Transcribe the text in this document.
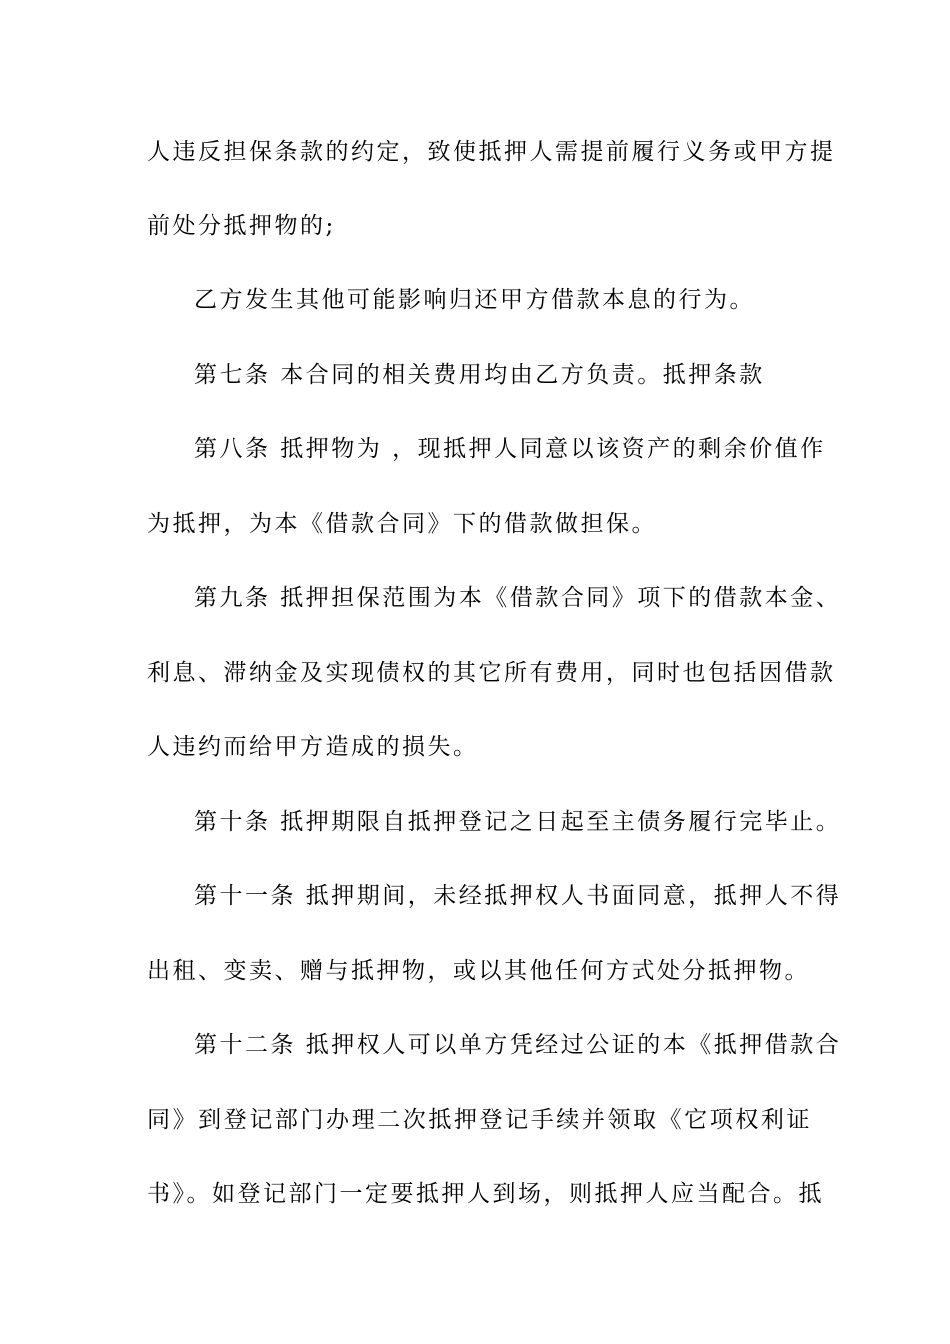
人违反担保条款的约定，致使抵押人需提前履行义务或甲方提
前处分抵押物的;
乙方发生其他可能影响归还甲方借款本息的行为。
第七条 本合同的相关费用均由乙方负责。抵押条款
第八条 抵押物为 ，现抵押人同意以该资产的剩余价值作
为抵押，为本《借款合同》下的借款做担保。
第九条 抵押担保范围为本《借款合同》项下的借款本金、
利息、滞纳金及实现债权的其它所有费用，同时也包括因借款
人违约而给甲方造成的损失。
第十条 抵押期限自抵押登记之日起至主债务履行完毕止。
第十一条 抵押期间，未经抵押权人书面同意，抵押人不得
出租、变卖、赠与抵押物，或以其他任何方式处分抵押物。
第十二条 抵押权人可以单方凭经过公证的本《抵押借款合
同》到登记部门办理二次抵押登记手续并领取《它项权利证
书》。如登记部门一定要抵押人到场，则抵押人应当配合。抵
